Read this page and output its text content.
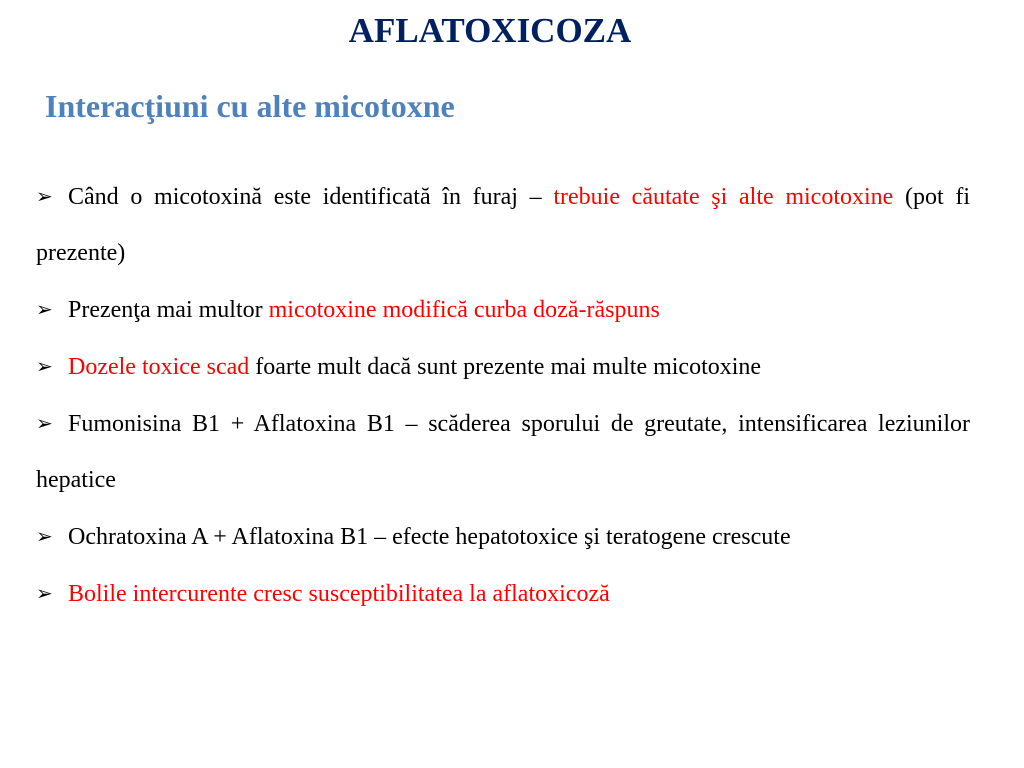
AFLATOXICOZA
Interacţiuni cu alte micotoxne
➢ Când o micotoxină este identificată în furaj – trebuie căutate şi alte micotoxine (pot fi prezente)
➢ Prezenţa mai multor micotoxine modifică curba doză-răspuns
➢ Dozele toxice scad foarte mult dacă sunt prezente mai multe micotoxine
➢ Fumonisina B1 + Aflatoxina B1 – scăderea sporului de greutate, intensificarea leziunilor hepatice
➢ Ochratoxina A + Aflatoxina B1 – efecte hepatotoxice şi teratogene crescute
➢ Bolile intercurente cresc susceptibilitatea la aflatoxicoză
